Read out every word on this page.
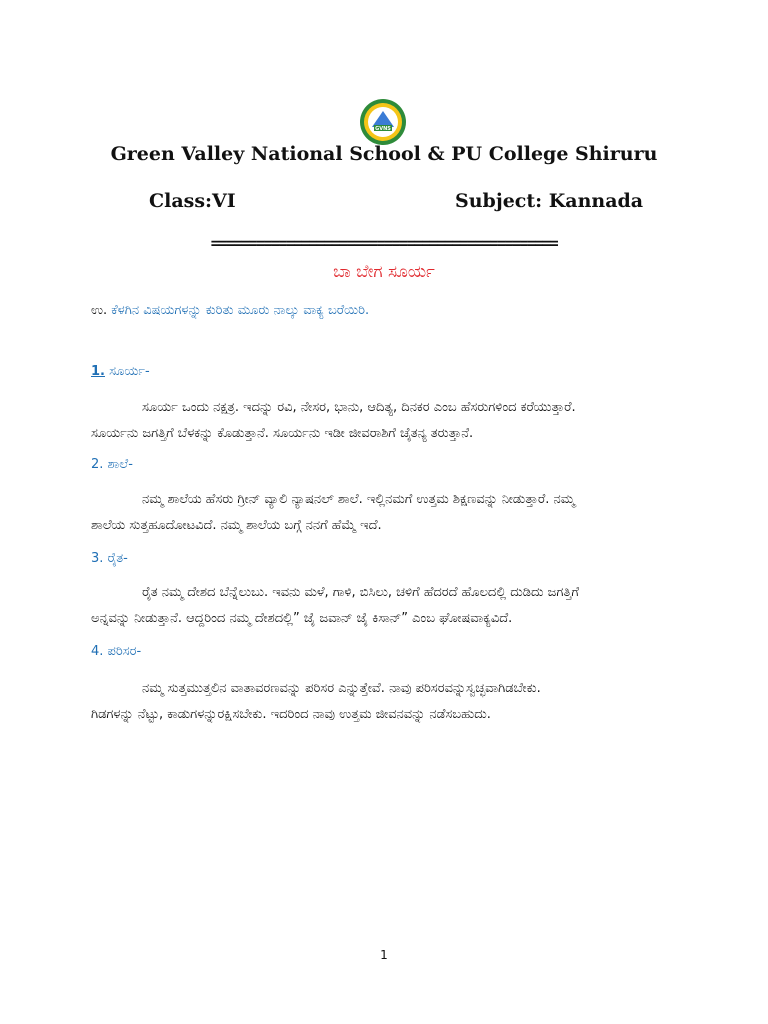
GVNS
Green Valley National School & PU College Shiruru
Class:VI	Subject: Kannada
==============================================
ಬಾ ಬೇಗ ಸೂರ್ಯ
ಉ. ಕೆಳಗಿನ ವಿಷಯಗಳನ್ನು ಕುರಿತು ಮೂರು ನಾಲ್ಕು ವಾಕ್ಯ ಬರೆಯಿರಿ.
1. ಸೂರ್ಯ-
ಸೂರ್ಯ ಒಂದು ನಕ್ಷತ್ರ. ಇದನ್ನು ರವಿ, ನೇಸರ, ಭಾನು, ಆದಿತ್ಯ, ದಿನಕರ ಎಂಬ ಹೆಸರುಗಳಿಂದ ಕರೆಯುತ್ತಾರೆ.
ಸೂರ್ಯನು ಜಗತ್ತಿಗೆ ಬೆಳಕನ್ನು ಕೊಡುತ್ತಾನೆ. ಸೂರ್ಯನು ಇಡೀ ಜೀವರಾಶಿಗೆ ಚೈತನ್ಯ ತರುತ್ತಾನೆ.
2. ಶಾಲೆ-
ನಮ್ಮ ಶಾಲೆಯ ಹೆಸರು ಗ್ರೀನ್ ವ್ಯಾಲಿ ನ್ಯಾಷನಲ್ ಶಾಲೆ. ಇಲ್ಲಿನಮಗೆ ಉತ್ತಮ ಶಿಕ್ಷಣವನ್ನು ನೀಡುತ್ತಾರೆ. ನಮ್ಮ
ಶಾಲೆಯ ಸುತ್ತಹೂದೋಟವಿದೆ. ನಮ್ಮ ಶಾಲೆಯ ಬಗ್ಗೆ ನನಗೆ ಹೆಮ್ಮೆ ಇದೆ.
3. ರೈತ-
ರೈತ ನಮ್ಮ ದೇಶದ ಬೆನ್ನೆಲುಬು. ಇವನು ಮಳೆ, ಗಾಳಿ, ಬಿಸಿಲು, ಚಳಿಗೆ ಹೆದರದೆ ಹೊಲದಲ್ಲಿ ದುಡಿದು ಜಗತ್ತಿಗೆ
ಅನ್ನವನ್ನು ನೀಡುತ್ತಾನೆ. ಆದ್ದರಿಂದ ನಮ್ಮ ದೇಶದಲ್ಲಿ” ಜೈ ಜವಾನ್ ಜೈ ಕಿಸಾನ್” ಎಂಬ ಘೋಷವಾಕ್ಯವಿದೆ.
4. ಪರಿಸರ-
ನಮ್ಮ ಸುತ್ತಮುತ್ತಲಿನ ವಾತಾವರಣವನ್ನು ಪರಿಸರ ಎನ್ನುತ್ತೇವೆ. ನಾವು ಪರಿಸರವನ್ನುಸ್ವಚ್ಛವಾಗಿಡಬೇಕು.
ಗಿಡಗಳನ್ನು ನೆಟ್ಟು, ಕಾಡುಗಳನ್ನುರಕ್ಷಿಸಬೇಕು. ಇದರಿಂದ ನಾವು ಉತ್ತಮ ಜೀವನವನ್ನು ನಡೆಸಬಹುದು.
1
